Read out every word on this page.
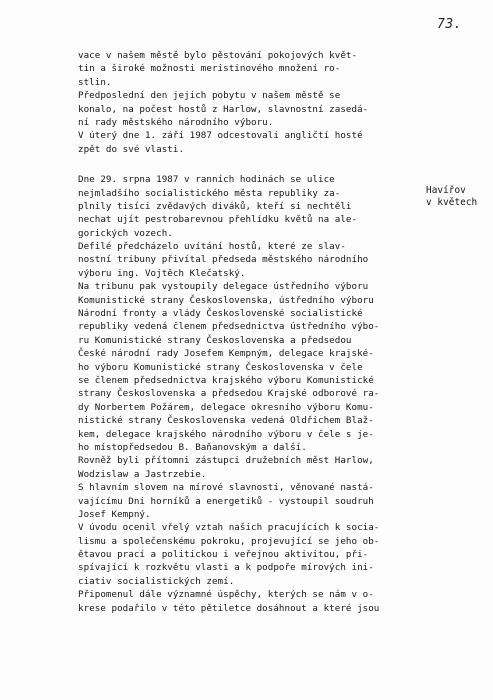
73.
Havířov
v květech
vace v našem městě bylo pěstování pokojových květ-
tin a široké možnosti meristinového množení ro-
stlin.
Předposlední den jejich pobytu v našem městě se
konalo, na počest hostů z Harlow, slavnostní zasedá-
ní rady městského národního výboru.
V úterý dne 1. září 1987 odcestovali angličtí hosté
zpět do své vlasti.
Dne 29. srpna 1987 v ranních hodinách se ulice
nejmladšího socialistického města republiky za-
plnily tisíci zvědavých diváků, kteří si nechtěli
nechat ujít pestrobarevnou přehlídku květů na ale-
gorických vozech.
Defilé předcházelo uvítání hostů, které ze slav-
nostní tribuny přivítal předseda městského národního
výboru ing. Vojtěch Klečatský.
Na tribunu pak vystoupily delegace ústředního výboru
Komunistické strany Československa, ústředního výboru
Národní fronty a vlády Československé socialistické
republiky vedená členem předsednictva ústředního výbo-
ru Komunistické strany Československa a předsedou
České národní rady Josefem Kempným, delegace krajské-
ho výboru Komunistické strany Československa v čele
se členem předsednictva krajského výboru Komunistické
strany Československa a předsedou Krajské odborové ra-
dy Norbertem Požárem, delegace okresního výboru Komu-
nistické strany Československa vedená Oldřichem Blaž-
kem, delegace krajského národního výboru v čele s je-
ho místopředsedou B. Baňanovským a další.
Rovněž byli přítomni zástupci družebních měst Harlow,
Wodzislaw a Jastrzebie.
S hlavním slovem na mírové slavnosti, věnované nastá-
vajícímu Dni horníků a energetiků - vystoupil soudruh
Josef Kempný.
V úvodu ocenil vřelý vztah našich pracujících k socia-
lismu a společenskému pokroku, projevující se jeho ob-
ětavou prací a politickou i veřejnou aktivitou, při-
spívající k rozkvětu vlasti a k podpoře mírových ini-
ciativ socialistických zemí.
Připomenul dále významné úspěchy, kterých se nám v o-
krese podařilo v této pětiletce dosáhnout a které jsou
